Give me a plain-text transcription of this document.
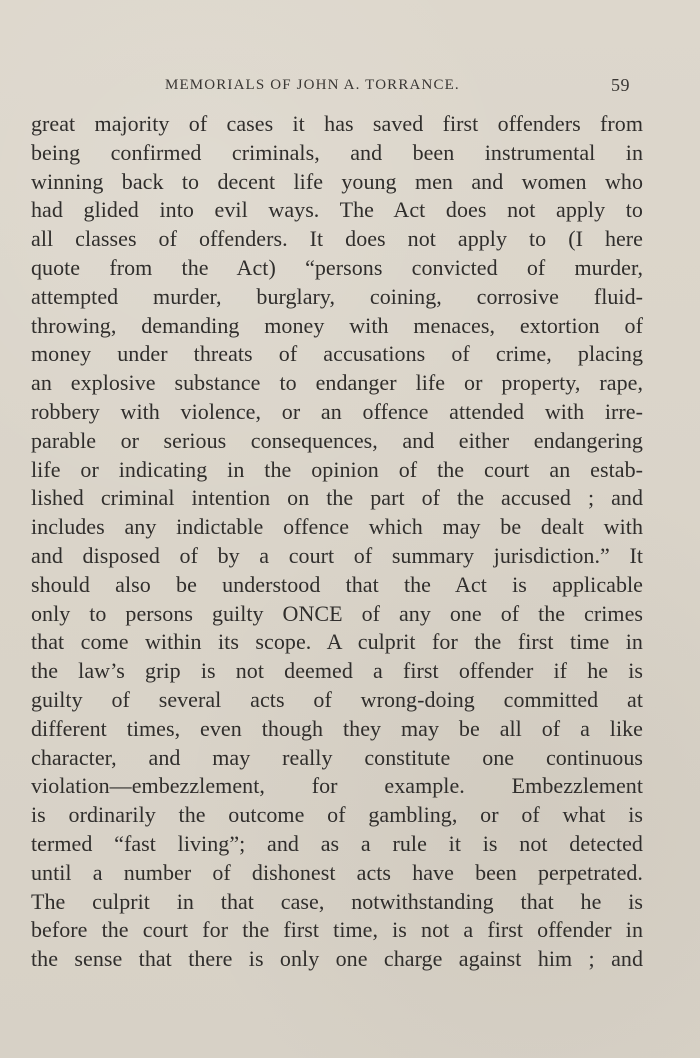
MEMORIALS OF JOHN A. TORRANCE.	59
great majority of cases it has saved first offenders from
being confirmed criminals, and been instrumental in
winning back to decent life young men and women who
had glided into evil ways. The Act does not apply to
all classes of offenders. It does not apply to (I here
quote from the Act) “persons convicted of murder,
attempted murder, burglary, coining, corrosive fluid-
throwing, demanding money with menaces, extortion of
money under threats of accusations of crime, placing
an explosive substance to endanger life or property, rape,
robbery with violence, or an offence attended with irre-
parable or serious consequences, and either endangering
life or indicating in the opinion of the court an estab-
lished criminal intention on the part of the accused ; and
includes any indictable offence which may be dealt with
and disposed of by a court of summary jurisdiction.” It
should also be understood that the Act is applicable
only to persons guilty ONCE of any one of the crimes
that come within its scope. A culprit for the first time in
the law’s grip is not deemed a first offender if he is
guilty of several acts of wrong-doing committed at
different times, even though they may be all of a like
character, and may really constitute one continuous
violation—embezzlement, for example. Embezzlement
is ordinarily the outcome of gambling, or of what is
termed “fast living”; and as a rule it is not detected
until a number of dishonest acts have been perpetrated.
The culprit in that case, notwithstanding that he is
before the court for the first time, is not a first offender in
the sense that there is only one charge against him ; and
